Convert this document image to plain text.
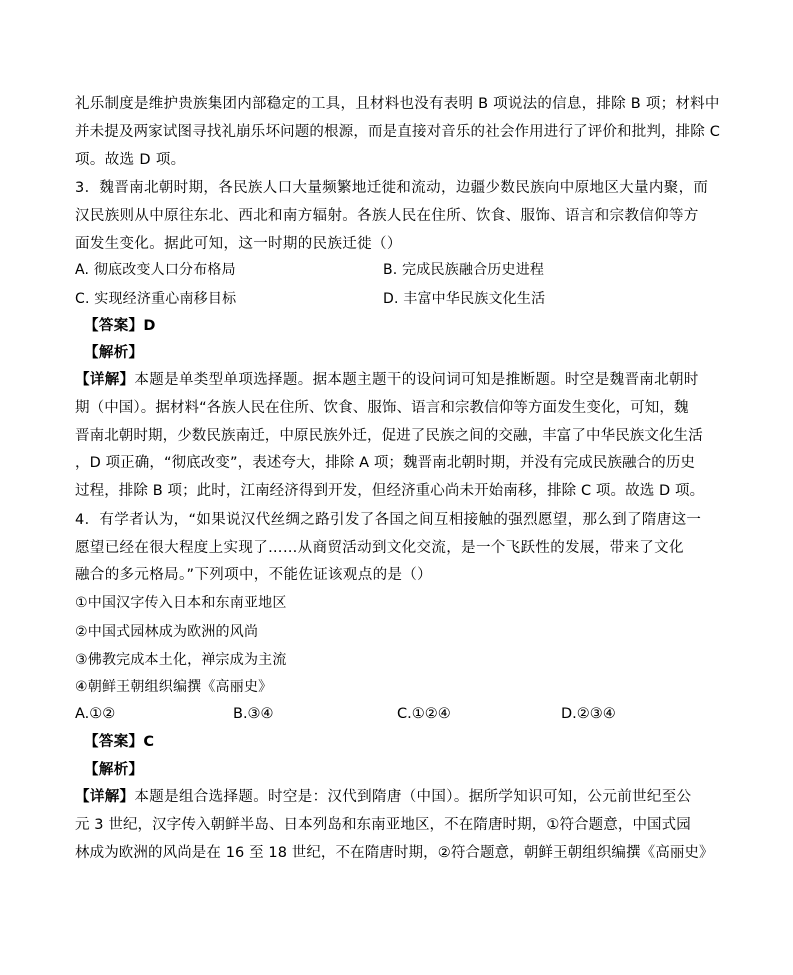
礼乐制度是维护贵族集团内部稳定的工具，且材料也没有表明 B 项说法的信息，排除 B 项；材料中
并未提及两家试图寻找礼崩乐坏问题的根源，而是直接对音乐的社会作用进行了评价和批判，排除 C
项。故选 D 项。
3．魏晋南北朝时期，各民族人口大量频繁地迁徙和流动，边疆少数民族向中原地区大量内聚，而
汉民族则从中原往东北、西北和南方辐射。各族人民在住所、饮食、服饰、语言和宗教信仰等方
面发生变化。据此可知，这一时期的民族迁徙（）
A. 彻底改变人口分布格局	B. 完成民族融合历史进程
C. 实现经济重心南移目标	D. 丰富中华民族文化生活
【答案】D
【解析】
【详解】本题是单类型单项选择题。据本题主题干的设问词可知是推断题。时空是魏晋南北朝时
期（中国）。据材料“各族人民在住所、饮食、服饰、语言和宗教信仰等方面发生变化，可知，魏
晋南北朝时期，少数民族南迁，中原民族外迁，促进了民族之间的交融，丰富了中华民族文化生活
，D 项正确，“彻底改变”，表述夸大，排除 A 项；魏晋南北朝时期，并没有完成民族融合的历史
过程，排除 B 项；此时，江南经济得到开发，但经济重心尚未开始南移，排除 C 项。故选 D 项。
4．有学者认为，“如果说汉代丝绸之路引发了各国之间互相接触的强烈愿望，那么到了隋唐这一
愿望已经在很大程度上实现了……从商贸活动到文化交流，是一个飞跃性的发展，带来了文化
融合的多元格局。”下列项中，不能佐证该观点的是（）
①中国汉字传入日本和东南亚地区
②中国式园林成为欧洲的风尚
③佛教完成本土化，禅宗成为主流
④朝鲜王朝组织编撰《高丽史》
A.①②	B.③④	C.①②④	D.②③④
【答案】C
【解析】
【详解】本题是组合选择题。时空是：汉代到隋唐（中国）。据所学知识可知，公元前世纪至公
元 3 世纪，汉字传入朝鲜半岛、日本列岛和东南亚地区，不在隋唐时期，①符合题意，中国式园
林成为欧洲的风尚是在 16 至 18 世纪，不在隋唐时期，②符合题意，朝鲜王朝组织编撰《高丽史》
